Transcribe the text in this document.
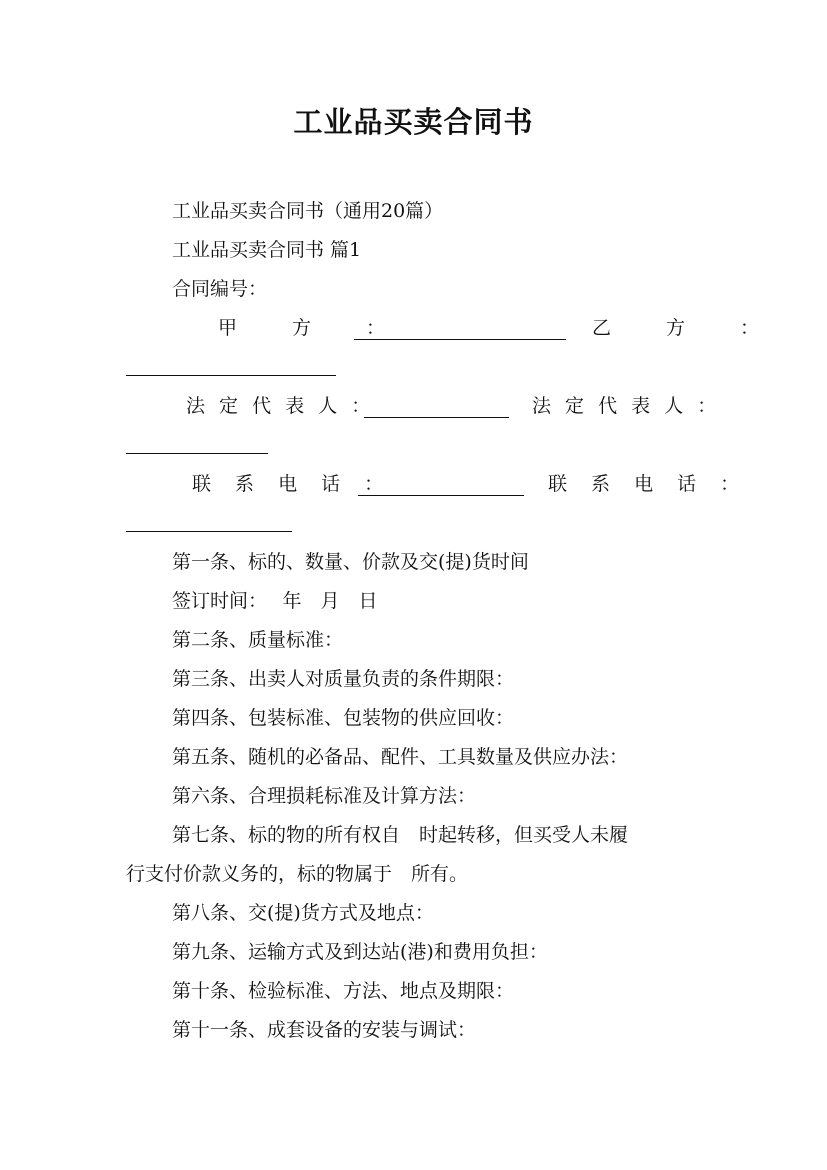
工业品买卖合同书
工业品买卖合同书（通用20篇）
工业品买卖合同书 篇1
合同编号：
甲　方　：	乙　方　：
法 定 代 表 人 ：	法 定 代 表 人 ：
联 系 电 话 ：	联 系 电 话 ：
第一条、标的、数量、价款及交(提)货时间
签订时间：　 年　月　日
第二条、质量标准：
第三条、出卖人对质量负责的条件期限：
第四条、包装标准、包装物的供应回收：
第五条、随机的必备品、配件、工具数量及供应办法：
第六条、合理损耗标准及计算方法：
第七条、标的物的所有权自　时起转移，但买受人未履
行支付价款义务的，标的物属于　所有。
第八条、交(提)货方式及地点：
第九条、运输方式及到达站(港)和费用负担：
第十条、检验标准、方法、地点及期限：
第十一条、成套设备的安装与调试：
